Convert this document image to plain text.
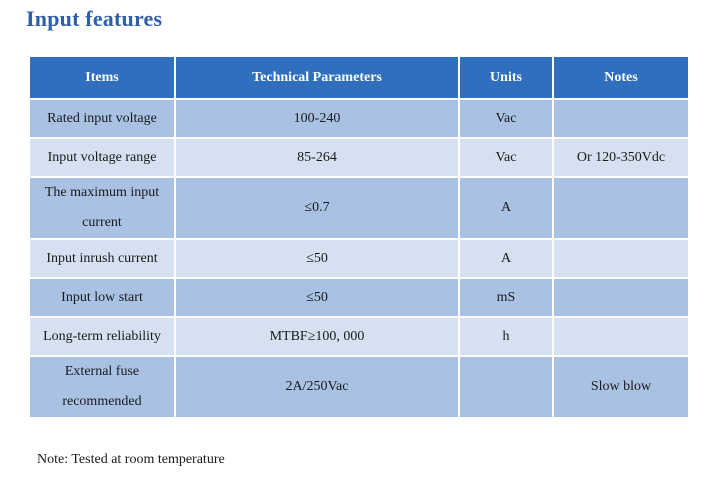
Input features
Items	Technical Parameters	Units	Notes
Rated input voltage	100-240	Vac	
Input voltage range	85-264	Vac	Or 120-350Vdc
The maximum input current	≤0.7	A	
Input inrush current	≤50	A	
Input low start	≤50	mS	
Long-term reliability	MTBF≥100, 000	h	
External fuse recommended	2A/250Vac		Slow blow
Note: Tested at room temperature
